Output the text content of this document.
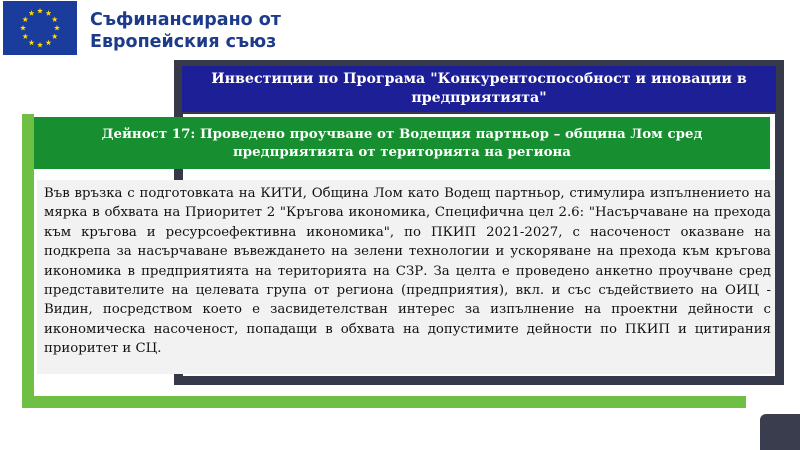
Съфинансирано от
Европейския съюз
Инвестиции по Програма "Конкурентоспособност и иновации в предприятията"
Дейност 17: Проведено проучване от Водещия партньор – община Лом сред предприятията от територията на региона

Във връзка с подготовката на КИТИ, Община Лом като Водещ партньор, стимулира изпълнението на мярка в обхвата на Приоритет 2 "Кръгова икономика, Специфична цел 2.6: "Насърчаване на прехода към кръгова и ресурсоефективна икономика", по ПКИП 2021-2027, с насоченост оказване на подкрепа за насърчаване въвеждането на зелени технологии и ускоряване на прехода към кръгова икономика в предприятията на територията на СЗР. За целта е проведено анкетно проучване сред представителите на целевата група от региона (предприятия), вкл. и със съдействието на ОИЦ - Видин, посредством което е засвидетелстван интерес за изпълнение на проектни дейности с икономическа насоченост, попадащи в обхвата на допустимите дейности по ПКИП и цитирания приоритет и СЦ.
